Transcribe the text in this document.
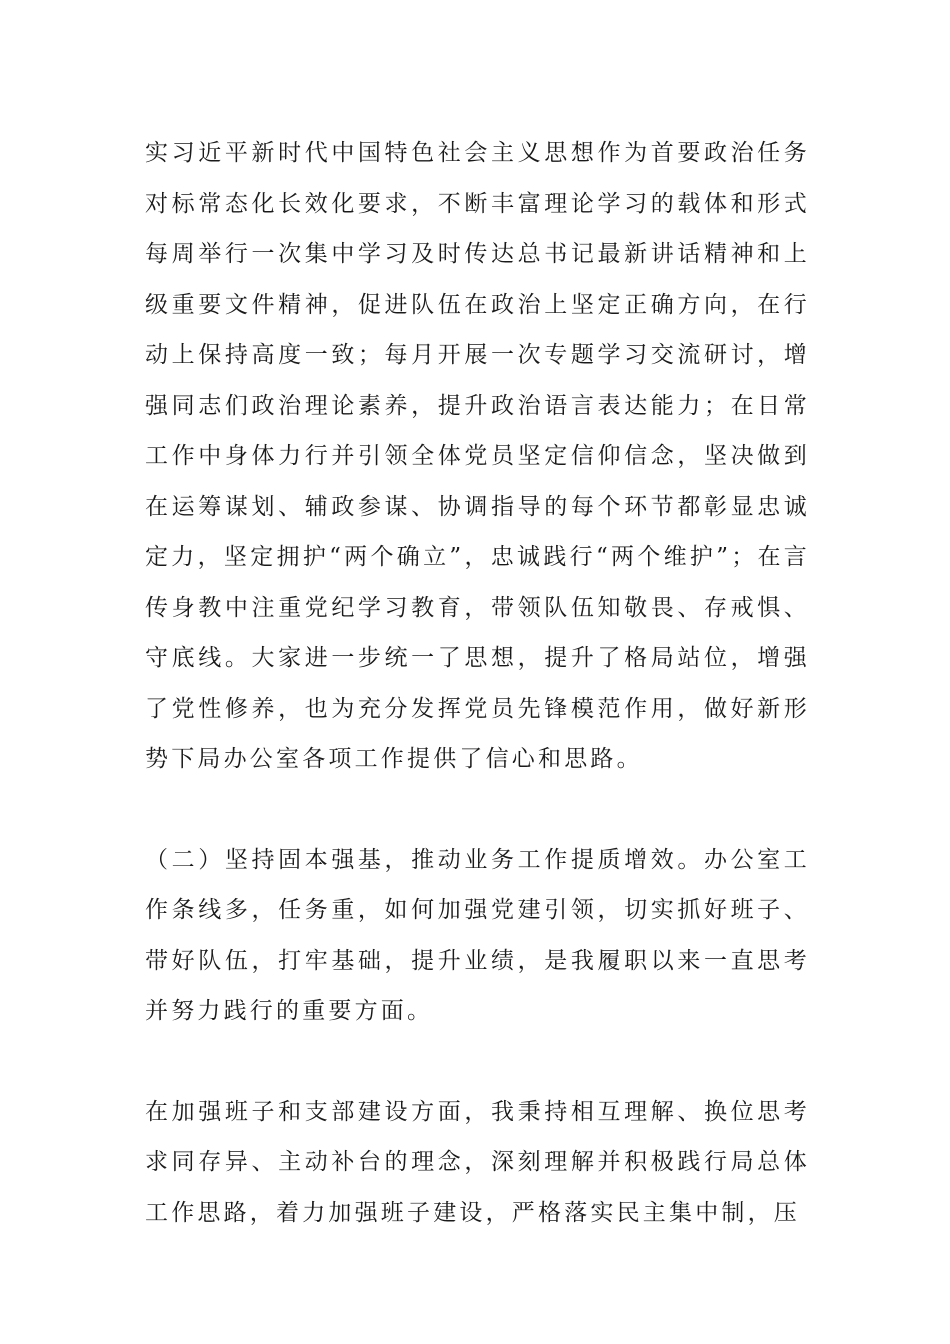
实习近平新时代中国特色社会主义思想作为首要政治任务对标常态化长效化要求，不断丰富理论学习的载体和形式每周举行一次集中学习及时传达总书记最新讲话精神和上级重要文件精神，促进队伍在政治上坚定正确方向，在行动上保持高度一致；每月开展一次专题学习交流研讨，增强同志们政治理论素养，提升政治语言表达能力；在日常工作中身体力行并引领全体党员坚定信仰信念，坚决做到在运筹谋划、辅政参谋、协调指导的每个环节都彰显忠诚定力，坚定拥护“两个确立”，忠诚践行“两个维护”；在言传身教中注重党纪学习教育，带领队伍知敬畏、存戒惧、守底线。大家进一步统一了思想，提升了格局站位，增强了党性修养，也为充分发挥党员先锋模范作用，做好新形势下局办公室各项工作提供了信心和思路。

（二）坚持固本强基，推动业务工作提质增效。办公室工作条线多，任务重，如何加强党建引领，切实抓好班子、带好队伍，打牢基础，提升业绩，是我履职以来一直思考并努力践行的重要方面。

在加强班子和支部建设方面，我秉持相互理解、换位思考求同存异、主动补台的理念，深刻理解并积极践行局总体工作思路，着力加强班子建设，严格落实民主集中制，压
